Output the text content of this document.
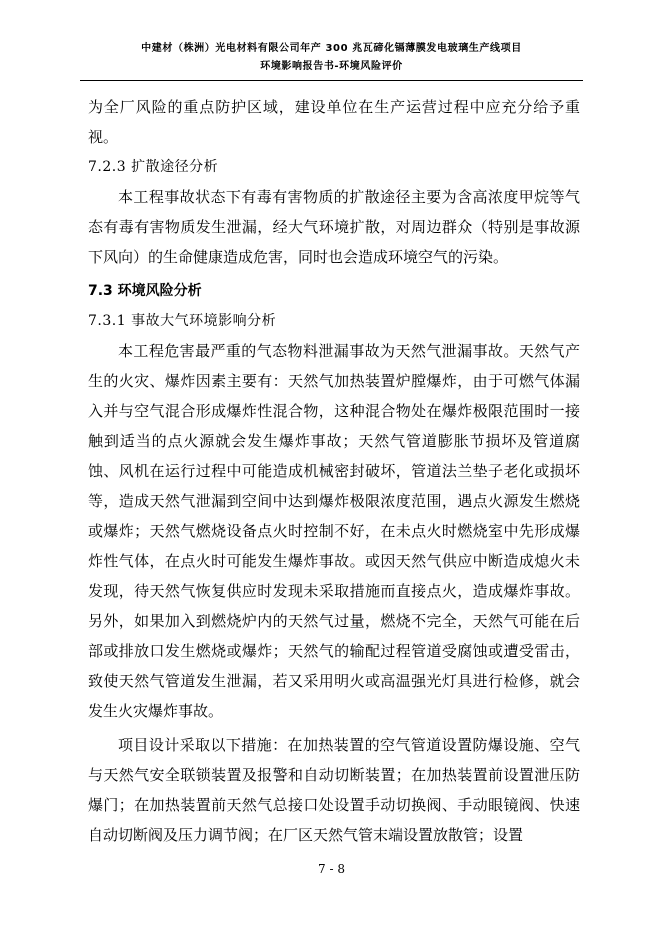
中建材（株洲）光电材料有限公司年产 300 兆瓦碲化镉薄膜发电玻璃生产线项目
环境影响报告书-环境风险评价

为全厂风险的重点防护区域，建设单位在生产运营过程中应充分给予重视。

7.2.3 扩散途径分析

本工程事故状态下有毒有害物质的扩散途径主要为含高浓度甲烷等气态有毒有害物质发生泄漏，经大气环境扩散，对周边群众（特别是事故源下风向）的生命健康造成危害，同时也会造成环境空气的污染。

7.3 环境风险分析

7.3.1 事故大气环境影响分析

本工程危害最严重的气态物料泄漏事故为天然气泄漏事故。天然气产生的火灾、爆炸因素主要有：天然气加热装置炉膛爆炸，由于可燃气体漏入并与空气混合形成爆炸性混合物，这种混合物处在爆炸极限范围时一接触到适当的点火源就会发生爆炸事故；天然气管道膨胀节损坏及管道腐蚀、风机在运行过程中可能造成机械密封破坏，管道法兰垫子老化或损坏等，造成天然气泄漏到空间中达到爆炸极限浓度范围，遇点火源发生燃烧或爆炸；天然气燃烧设备点火时控制不好，在未点火时燃烧室中先形成爆炸性气体，在点火时可能发生爆炸事故。或因天然气供应中断造成熄火未发现，待天然气恢复供应时发现未采取措施而直接点火，造成爆炸事故。另外，如果加入到燃烧炉内的天然气过量，燃烧不完全，天然气可能在后部或排放口发生燃烧或爆炸；天然气的输配过程管道受腐蚀或遭受雷击，致使天然气管道发生泄漏，若又采用明火或高温强光灯具进行检修，就会发生火灾爆炸事故。

项目设计采取以下措施：在加热装置的空气管道设置防爆设施、空气与天然气安全联锁装置及报警和自动切断装置；在加热装置前设置泄压防爆门；在加热装置前天然气总接口处设置手动切换阀、手动眼镜阀、快速自动切断阀及压力调节阀；在厂区天然气管末端设置放散管；设置

7 - 8
